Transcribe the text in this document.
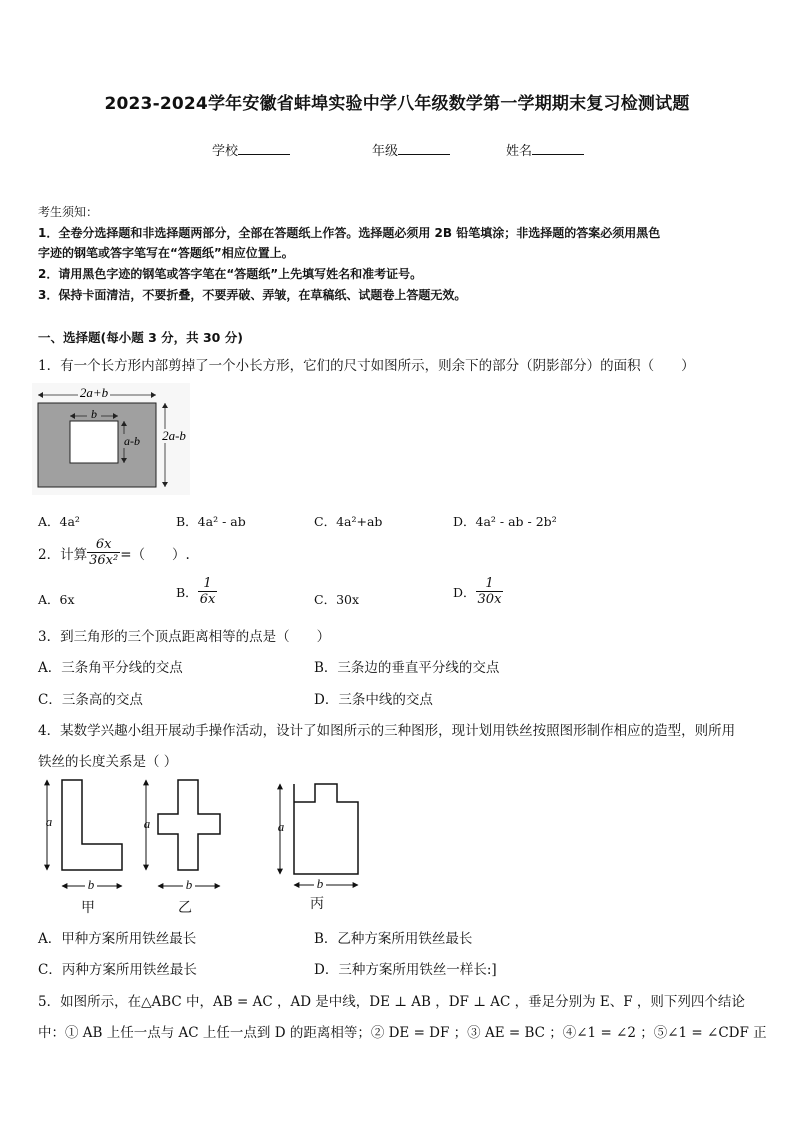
2023-2024学年安徽省蚌埠实验中学八年级数学第一学期期末复习检测试题
学校	年级	姓名
考生须知：
1．全卷分选择题和非选择题两部分，全部在答题纸上作答。选择题必须用 2B 铅笔填涂；非选择题的答案必须用黑色
字迹的钢笔或答字笔写在“答题纸”相应位置上。
2．请用黑色字迹的钢笔或答字笔在“答题纸”上先填写姓名和准考证号。
3．保持卡面清洁，不要折叠，不要弄破、弄皱，在草稿纸、试题卷上答题无效。
一、选择题(每小题 3 分，共 30 分)
1．有一个长方形内部剪掉了一个小长方形，它们的尺寸如图所示，则余下的部分（阴影部分）的面积（　　）
2a+b
b
a-b 2a-b
A．4a²	B．4a² - ab	C．4a²+ab	D．4a² - ab - 2b²
2．计算 $\frac{6x}{\text{36x²}}$ =（　　）.
A．6x	B． $\frac{1}{6x}$	C．30x	D． $\frac{1}{30x}$
3．到三角形的三个顶点距离相等的点是（　　）
A．三条角平分线的交点	B．三条边的垂直平分线的交点
C．三条高的交点	D．三条中线的交点
4．某数学兴趣小组开展动手操作活动，设计了如图所示的三种图形，现计划用铁丝按照图形制作相应的造型，则所用
铁丝的长度关系是（ ）
a
b
甲
a
b
乙
a
b
丙
A．甲种方案所用铁丝最长	B．乙种方案所用铁丝最长
C．丙种方案所用铁丝最长	D．三种方案所用铁丝一样长:]
5．如图所示，在△ABC 中，AB = AC ，AD 是中线，DE ⊥ AB ，DF ⊥ AC ，垂足分别为 E、F ，则下列四个结论
中：① AB 上任一点与 AC 上任一点到 D 的距离相等；② DE = DF ；③ AE = BC ；④∠1 = ∠2 ；⑤∠1 = ∠CDF 正
